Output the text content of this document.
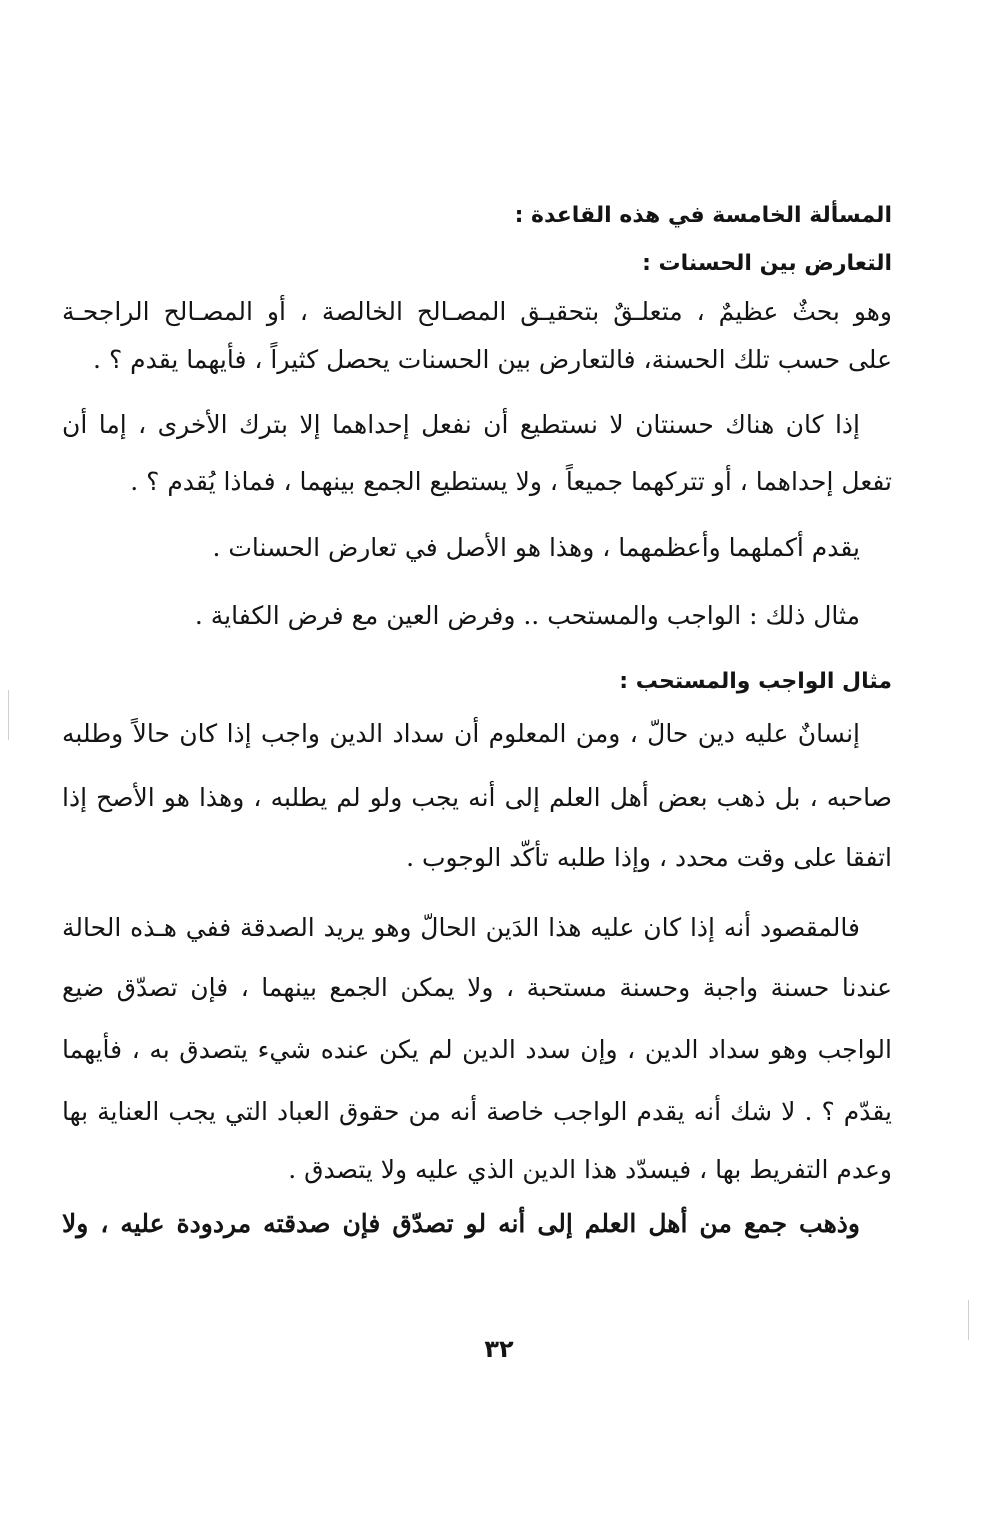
المسألة الخامسة في هذه القاعدة :
التعارض بين الحسنات :
وهو بحثٌ عظيمٌ ، متعلـقٌ بتحقيـق المصـالح الخالصة ، أو المصـالح الراجحـة
على حسب تلك الحسنة، فالتعارض بين الحسنات يحصل كثيراً ، فأيهما يقدم ؟ .
إذا كان هناك حسنتان لا نستطيع أن نفعل إحداهما إلا بترك الأخرى ، إما أن
تفعل إحداهما ، أو تتركهما جميعاً ، ولا يستطيع الجمع بينهما ، فماذا يُقدم ؟ .
يقدم أكملهما وأعظمهما ، وهذا هو الأصل في تعارض الحسنات .
مثال ذلك : الواجب والمستحب .. وفرض العين مع فرض الكفاية .
مثال الواجب والمستحب :
إنسانٌ عليه دين حالّ ، ومن المعلوم أن سداد الدين واجب إذا كان حالاً وطلبه
صاحبه ، بل ذهب بعض أهل العلم إلى أنه يجب ولو لم يطلبه ، وهذا هو الأصح إذا
اتفقا على وقت محدد ، وإذا طلبه تأكّد الوجوب .
فالمقصود أنه إذا كان عليه هذا الدَين الحالّ وهو يريد الصدقة ففي هـذه الحالة
عندنا حسنة واجبة وحسنة مستحبة ، ولا يمكن الجمع بينهما ، فإن تصدّق ضيع
الواجب وهو سداد الدين ، وإن سدد الدين لم يكن عنده شيء يتصدق به ، فأيهما
يقدّم ؟ . لا شك أنه يقدم الواجب خاصة أنه من حقوق العباد التي يجب العناية بها
وعدم التفريط بها ، فيسدّد هذا الدين الذي عليه ولا يتصدق .
وذهب جمع من أهل العلم إلى أنه لو تصدّق فإن صدقته مردودة عليه ، ولا
٣٢
